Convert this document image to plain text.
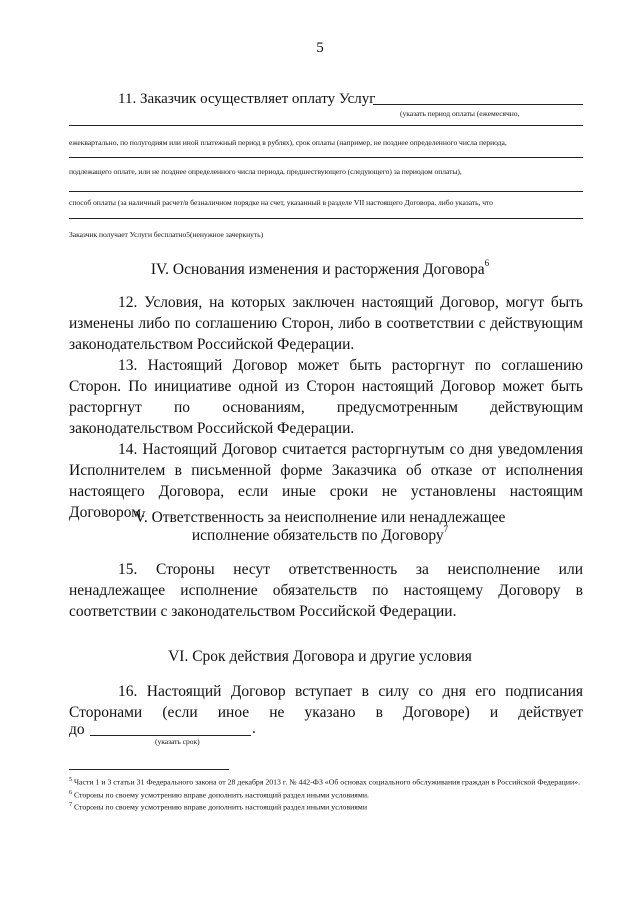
5
11. Заказчик осуществляет оплату Услуг
(указать период оплаты (ежемесячно,
ежеквартально, по полугодиям или иной платежный период в рублях), срок оплаты (например, не позднее определенного числа периода,
подлежащего оплате, или не позднее определенного числа периода, предшествующего (следующего) за периодом оплаты),
способ оплаты (за наличный расчет/в безналичном порядке на счет, указанный в разделе VII настоящего Договора, либо указать, что
Заказчик получает Услуги бесплатно5(ненужное зачеркнуть)
IV. Основания изменения и расторжения Договора$^6$

12. Условия, на которых заключен настоящий Договор, могут быть изменены либо по соглашению Сторон, либо в соответствии с действующим законодательством Российской Федерации.

13. Настоящий Договор может быть расторгнут по соглашению Сторон. По инициативе одной из Сторон настоящий Договор может быть расторгнут по основаниям, предусмотренным действующим законодательством Российской Федерации.

14. Настоящий Договор считается расторгнутым со дня уведомления Исполнителем в письменной форме Заказчика об отказе от исполнения настоящего Договора, если иные сроки не установлены настоящим Договором.

V. Ответственность за неисполнение или ненадлежащее
исполнение обязательств по Договору$^7$

15. Стороны несут ответственность за неисполнение или ненадлежащее исполнение обязательств по настоящему Договору в соответствии с законодательством Российской Федерации.

VI. Срок действия Договора и другие условия

16. Настоящий Договор вступает в силу со дня его подписания Сторонами (если иное не указано в Договоре) и действует

до	.
(указать срок)

$^5$ Части 1 и 3 статьи 31 Федерального закона от 28 декабря 2013 г. № 442-ФЗ «Об основах социального обслуживания граждан в Российской Федерации».

$^6$ Стороны по своему усмотрению вправе дополнить настоящий раздел иными условиями.

$^7$ Стороны по своему усмотрению вправе дополнить настоящий раздел иными условиями
